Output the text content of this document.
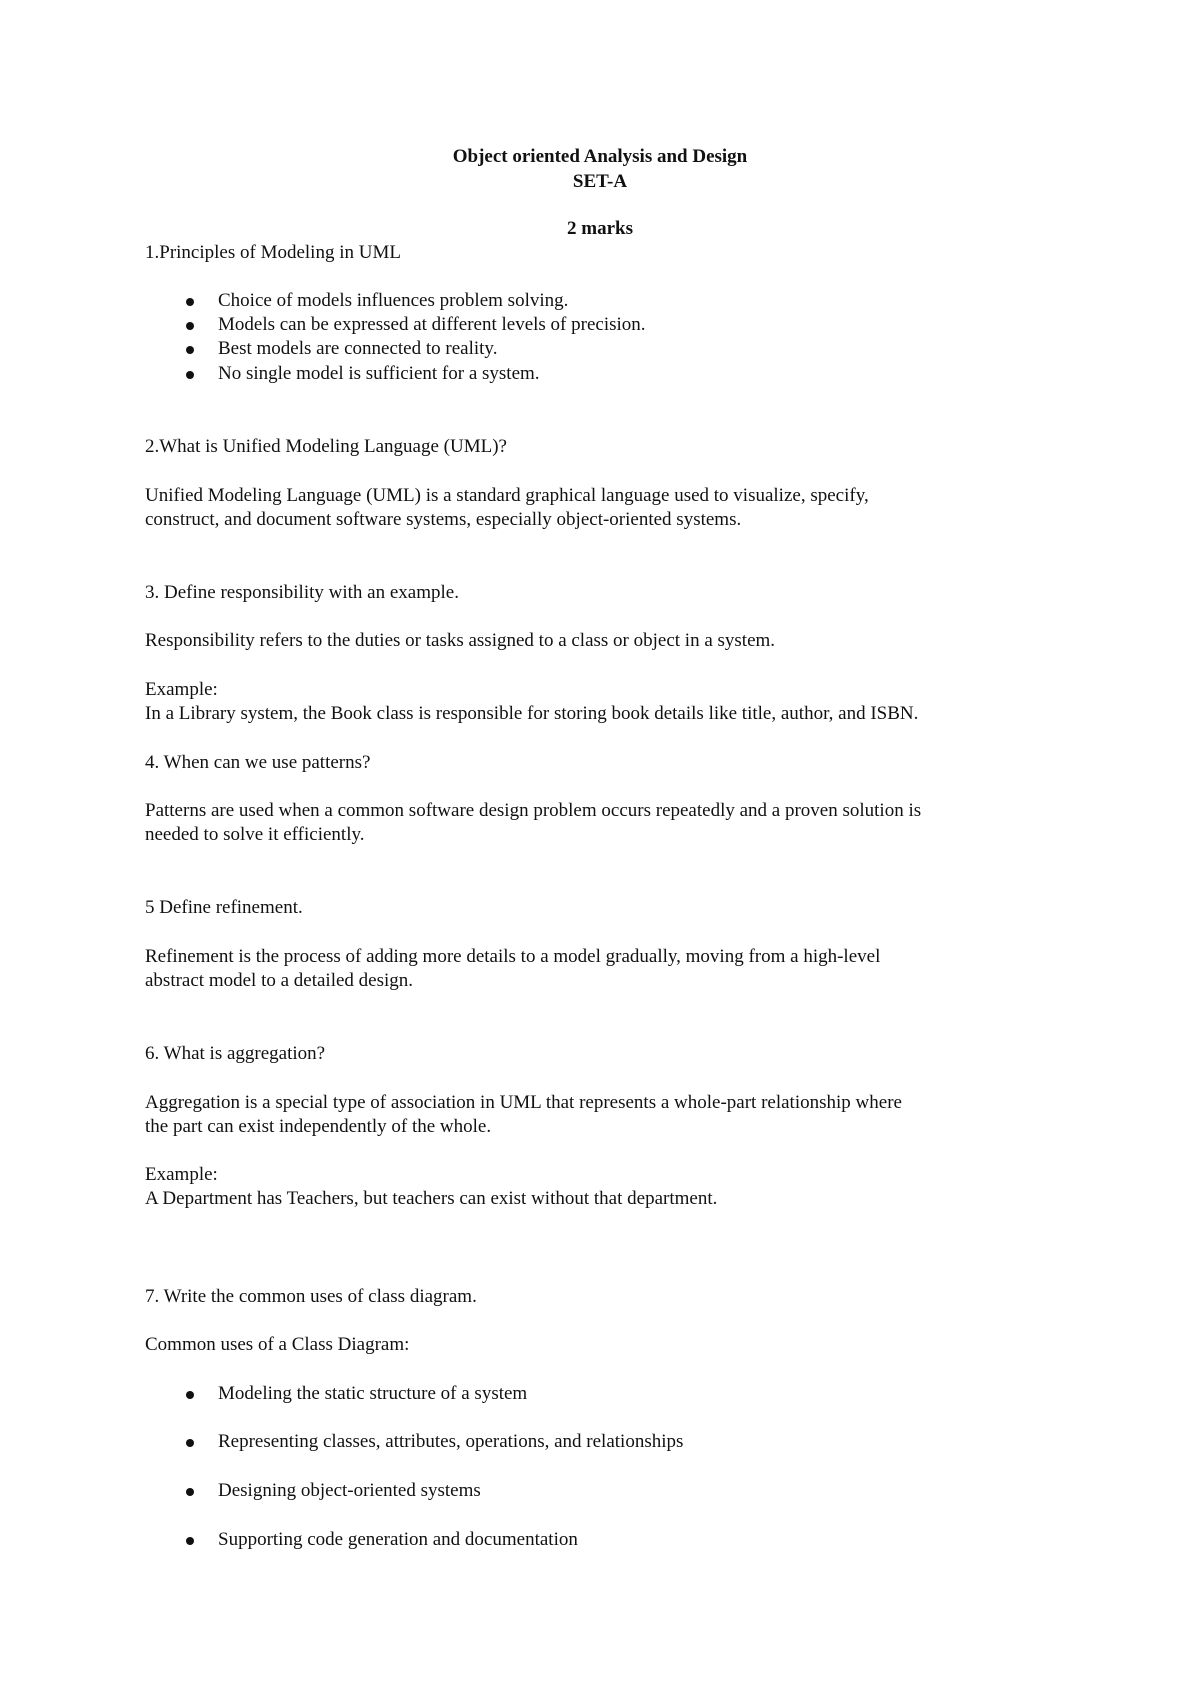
Object oriented Analysis and Design
SET-A
2 marks
1.Principles of Modeling in UML
Choice of models influences problem solving.
Models can be expressed at different levels of precision.
Best models are connected to reality.
No single model is sufficient for a system.
2.What is Unified Modeling Language (UML)?
Unified Modeling Language (UML) is a standard graphical language used to visualize, specify,
construct, and document software systems, especially object-oriented systems.
3. Define responsibility with an example.
Responsibility refers to the duties or tasks assigned to a class or object in a system.
Example:
In a Library system, the Book class is responsible for storing book details like title, author, and ISBN.
4. When can we use patterns?
Patterns are used when a common software design problem occurs repeatedly and a proven solution is
needed to solve it efficiently.
5 Define refinement.
Refinement is the process of adding more details to a model gradually, moving from a high-level
abstract model to a detailed design.
6. What is aggregation?
Aggregation is a special type of association in UML that represents a whole-part relationship where
the part can exist independently of the whole.
Example:
A Department has Teachers, but teachers can exist without that department.
7. Write the common uses of class diagram.
Common uses of a Class Diagram:
Modeling the static structure of a system
Representing classes, attributes, operations, and relationships
Designing object-oriented systems
Supporting code generation and documentation
